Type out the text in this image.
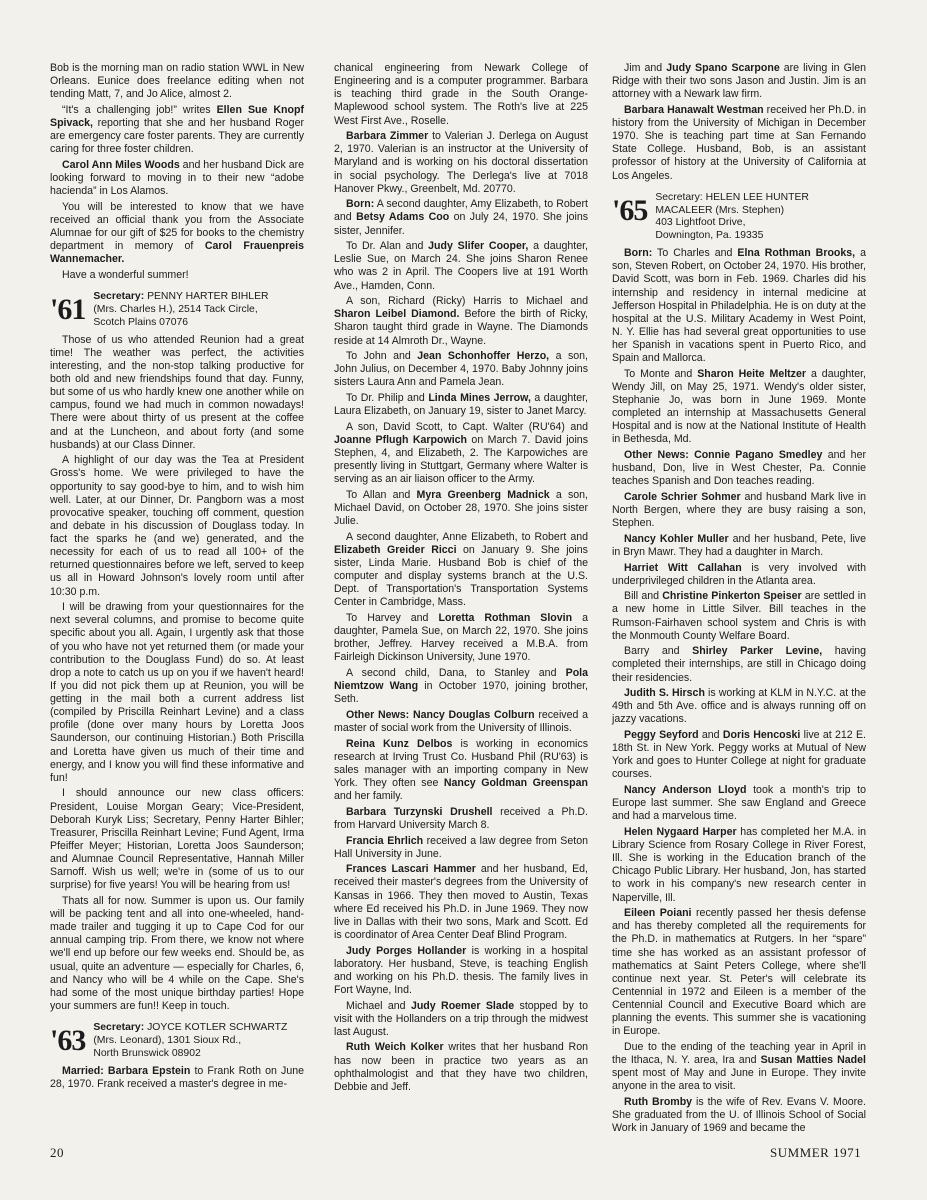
Bob is the morning man on radio station WWL in New Orleans. Eunice does freelance editing when not tending Matt, 7, and Jo Alice, almost 2.

“It's a challenging job!” writes Ellen Sue Knopf Spivack, reporting that she and her husband Roger are emergency care foster parents. They are currently caring for three foster children.

Carol Ann Miles Woods and her husband Dick are looking forward to moving in to their new “adobe hacienda” in Los Alamos.

You will be interested to know that we have received an official thank you from the Associate Alumnae for our gift of $25 for books to the chemistry department in memory of Carol Frauenpreis Wannemacher.

Have a wonderful summer!

'61 Secretary: PENNY HARTER BIHLER

(Mrs. Charles H.), 2514 Tack Circle,

Scotch Plains 07076

Those of us who attended Reunion had a great time! The weather was perfect, the activities interesting, and the non-stop talking productive for both old and new friendships found that day. Funny, but some of us who hardly knew one another while on campus, found we had much in common nowadays! There were about thirty of us present at the coffee and at the Luncheon, and about forty (and some husbands) at our Class Dinner.

A highlight of our day was the Tea at President Gross's home. We were privileged to have the opportunity to say good-bye to him, and to wish him well. Later, at our Dinner, Dr. Pangborn was a most provocative speaker, touching off comment, question and debate in his discussion of Douglass today. In fact the sparks he (and we) generated, and the necessity for each of us to read all 100+ of the returned questionnaires before we left, served to keep us all in Howard Johnson's lovely room until after 10:30 p.m.

I will be drawing from your questionnaires for the next several columns, and promise to become quite specific about you all. Again, I urgently ask that those of you who have not yet returned them (or made your contribution to the Douglass Fund) do so. At least drop a note to catch us up on you if we haven't heard! If you did not pick them up at Reunion, you will be getting in the mail both a current address list (compiled by Priscilla Reinhart Levine) and a class profile (done over many hours by Loretta Joos Saunderson, our continuing Historian.) Both Priscilla and Loretta have given us much of their time and energy, and I know you will find these informative and fun!

I should announce our new class officers: President, Louise Morgan Geary; Vice-President, Deborah Kuryk Liss; Secretary, Penny Harter Bihler; Treasurer, Priscilla Reinhart Levine; Fund Agent, Irma Pfeiffer Meyer; Historian, Loretta Joos Saunderson; and Alumnae Council Representative, Hannah Miller Sarnoff. Wish us well; we're in (some of us to our surprise) for five years! You will be hearing from us!

Thats all for now. Summer is upon us. Our family will be packing tent and all into one-wheeled, hand-made trailer and tugging it up to Cape Cod for our annual camping trip. From there, we know not where we'll end up before our few weeks end. Should be, as usual, quite an adventure — especially for Charles, 6, and Nancy who will be 4 while on the Cape. She's had some of the most unique birthday parties! Hope your summers are fun!! Keep in touch.

'63 Secretary: JOYCE KOTLER SCHWARTZ

(Mrs. Leonard), 1301 Sioux Rd.,

North Brunswick 08902

Married: Barbara Epstein to Frank Roth on June 28, 1970. Frank received a master's degree in me-

chanical engineering from Newark College of Engineering and is a computer programmer. Barbara is teaching third grade in the South Orange-Maplewood school system. The Roth's live at 225 West First Ave., Roselle.

Barbara Zimmer to Valerian J. Derlega on August 2, 1970. Valerian is an instructor at the University of Maryland and is working on his doctoral dissertation in social psychology. The Derlega's live at 7018 Hanover Pkwy., Greenbelt, Md. 20770.

Born: A second daughter, Amy Elizabeth, to Robert and Betsy Adams Coo on July 24, 1970. She joins sister, Jennifer.

To Dr. Alan and Judy Slifer Cooper, a daughter, Leslie Sue, on March 24. She joins Sharon Renee who was 2 in April. The Coopers live at 191 Worth Ave., Hamden, Conn.

A son, Richard (Ricky) Harris to Michael and Sharon Leibel Diamond. Before the birth of Ricky, Sharon taught third grade in Wayne. The Diamonds reside at 14 Almroth Dr., Wayne.

To John and Jean Schonhoffer Herzo, a son, John Julius, on December 4, 1970. Baby Johnny joins sisters Laura Ann and Pamela Jean.

To Dr. Philip and Linda Mines Jerrow, a daughter, Laura Elizabeth, on January 19, sister to Janet Marcy.

A son, David Scott, to Capt. Walter (RU'64) and Joanne Pflugh Karpowich on March 7. David joins Stephen, 4, and Elizabeth, 2. The Karpowiches are presently living in Stuttgart, Germany where Walter is serving as an air liaison officer to the Army.

To Allan and Myra Greenberg Madnick a son, Michael David, on October 28, 1970. She joins sister Julie.

A second daughter, Anne Elizabeth, to Robert and Elizabeth Greider Ricci on January 9. She joins sister, Linda Marie. Husband Bob is chief of the computer and display systems branch at the U.S. Dept. of Transportation's Transportation Systems Center in Cambridge, Mass.

To Harvey and Loretta Rothman Slovin a daughter, Pamela Sue, on March 22, 1970. She joins brother, Jeffrey. Harvey received a M.B.A. from Fairleigh Dickinson University, June 1970.

A second child, Dana, to Stanley and Pola Niemtzow Wang in October 1970, joining brother, Seth.

Other News: Nancy Douglas Colburn received a master of social work from the University of Illinois.

Reina Kunz Delbos is working in economics research at Irving Trust Co. Husband Phil (RU'63) is sales manager with an importing company in New York. They often see Nancy Goldman Greenspan and her family.

Barbara Turzynski Drushell received a Ph.D. from Harvard University March 8.

Francia Ehrlich received a law degree from Seton Hall University in June.

Frances Lascari Hammer and her husband, Ed, received their master's degrees from the University of Kansas in 1966. They then moved to Austin, Texas where Ed received his Ph.D. in June 1969. They now live in Dallas with their two sons, Mark and Scott. Ed is coordinator of Area Center Deaf Blind Program.

Judy Porges Hollander is working in a hospital laboratory. Her husband, Steve, is teaching English and working on his Ph.D. thesis. The family lives in Fort Wayne, Ind.

Michael and Judy Roemer Slade stopped by to visit with the Hollanders on a trip through the midwest last August.

Ruth Weich Kolker writes that her husband Ron has now been in practice two years as an ophthalmologist and that they have two children, Debbie and Jeff.

Jim and Judy Spano Scarpone are living in Glen Ridge with their two sons Jason and Justin. Jim is an attorney with a Newark law firm.

Barbara Hanawalt Westman received her Ph.D. in history from the University of Michigan in December 1970. She is teaching part time at San Fernando State College. Husband, Bob, is an assistant professor of history at the University of California at Los Angeles.

'65 Secretary: HELEN LEE HUNTER

MACALEER (Mrs. Stephen)

403 Lightfoot Drive,

Downington, Pa. 19335

Born: To Charles and Elna Rothman Brooks, a son, Steven Robert, on October 24, 1970. His brother, David Scott, was born in Feb. 1969. Charles did his internship and residency in internal medicine at Jefferson Hospital in Philadelphia. He is on duty at the hospital at the U.S. Military Academy in West Point, N. Y. Ellie has had several great opportunities to use her Spanish in vacations spent in Puerto Rico, and Spain and Mallorca.

To Monte and Sharon Heite Meltzer a daughter, Wendy Jill, on May 25, 1971. Wendy's older sister, Stephanie Jo, was born in June 1969. Monte completed an internship at Massachusetts General Hospital and is now at the National Institute of Health in Bethesda, Md.

Other News: Connie Pagano Smedley and her husband, Don, live in West Chester, Pa. Connie teaches Spanish and Don teaches reading.

Carole Schrier Sohmer and husband Mark live in North Bergen, where they are busy raising a son, Stephen.

Nancy Kohler Muller and her husband, Pete, live in Bryn Mawr. They had a daughter in March.

Harriet Witt Callahan is very involved with underprivileged children in the Atlanta area.

Bill and Christine Pinkerton Speiser are settled in a new home in Little Silver. Bill teaches in the Rumson-Fairhaven school system and Chris is with the Monmouth County Welfare Board.

Barry and Shirley Parker Levine, having completed their internships, are still in Chicago doing their residencies.

Judith S. Hirsch is working at KLM in N.Y.C. at the 49th and 5th Ave. office and is always running off on jazzy vacations.

Peggy Seyford and Doris Hencoski live at 212 E. 18th St. in New York. Peggy works at Mutual of New York and goes to Hunter College at night for graduate courses.

Nancy Anderson Lloyd took a month's trip to Europe last summer. She saw England and Greece and had a marvelous time.

Helen Nygaard Harper has completed her M.A. in Library Science from Rosary College in River Forest, Ill. She is working in the Education branch of the Chicago Public Library. Her husband, Jon, has started to work in his company's new research center in Naperville, Ill.

Eileen Poiani recently passed her thesis defense and has thereby completed all the requirements for the Ph.D. in mathematics at Rutgers. In her “spare” time she has worked as an assistant professor of mathematics at Saint Peters College, where she'll continue next year. St. Peter's will celebrate its Centennial in 1972 and Eileen is a member of the Centennial Council and Executive Board which are planning the events. This summer she is vacationing in Europe.

Due to the ending of the teaching year in April in the Ithaca, N. Y. area, Ira and Susan Matties Nadel spent most of May and June in Europe. They invite anyone in the area to visit.

Ruth Bromby is the wife of Rev. Evans V. Moore. She graduated from the U. of Illinois School of Social Work in January of 1969 and became the

20	SUMMER 1971
